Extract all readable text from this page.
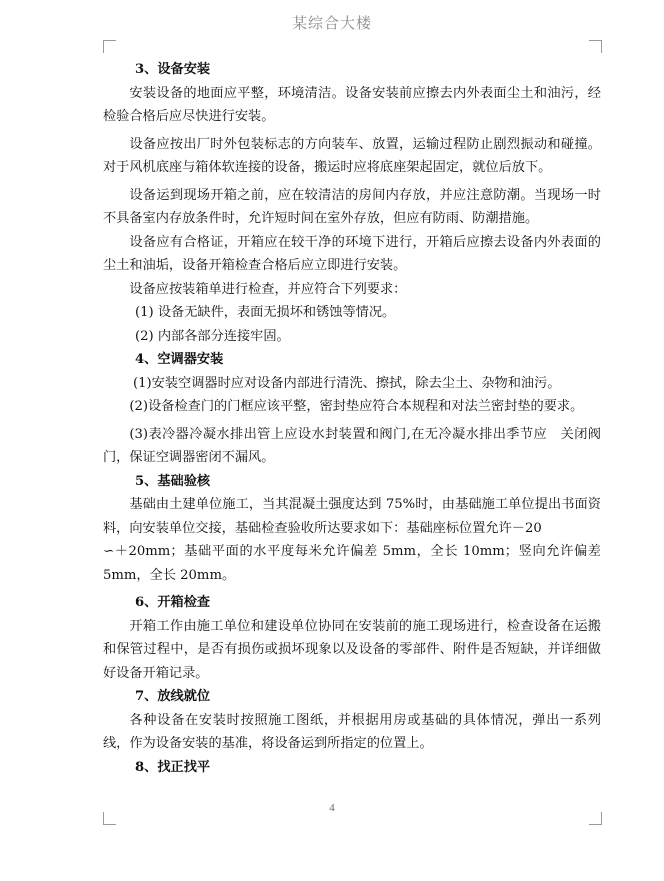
某综合大楼

3、设备安装

安装设备的地面应平整，环境清洁。设备安装前应擦去内外表面尘土和油污，经检验合格后应尽快进行安装。

设备应按出厂时外包装标志的方向装车、放置，运输过程防止剧烈振动和碰撞。对于风机底座与箱体软连接的设备，搬运时应将底座架起固定，就位后放下。

设备运到现场开箱之前，应在较清洁的房间内存放，并应注意防潮。当现场一时不具备室内存放条件时，允许短时间在室外存放，但应有防雨、防潮措施。

设备应有合格证，开箱应在较干净的环境下进行，开箱后应擦去设备内外表面的尘土和油垢，设备开箱检查合格后应立即进行安装。

设备应按装箱单进行检查，并应符合下列要求：

(1) 设备无缺件，表面无损坏和锈蚀等情况。

(2) 内部各部分连接牢固。

4、空调器安装

(1)安装空调器时应对设备内部进行清洗、擦拭，除去尘土、杂物和油污。

(2)设备检查门的门框应该平整，密封垫应符合本规程和对法兰密封垫的要求。

(3)表冷器冷凝水排出管上应设水封装置和阀门,在无冷凝水排出季节应　关闭阀门，保证空调器密闭不漏风。

5、基础验核

基础由土建单位施工，当其混凝土强度达到 75%时，由基础施工单位提出书面资料，向安装单位交接，基础检查验收所达要求如下：基础座标位置允许－20

∽＋20mm；基础平面的水平度每米允许偏差 5mm，全长 10mm；竖向允许偏差 5mm，全长 20mm。

6、开箱检查

开箱工作由施工单位和建设单位协同在安装前的施工现场进行，检查设备在运搬和保管过程中，是否有损伤或损坏现象以及设备的零部件、附件是否短缺，并详细做好设备开箱记录。

7、放线就位

各种设备在安装时按照施工图纸，并根据用房或基础的具体情况，弹出一系列线，作为设备安装的基准，将设备运到所指定的位置上。

8、找正找平

4
